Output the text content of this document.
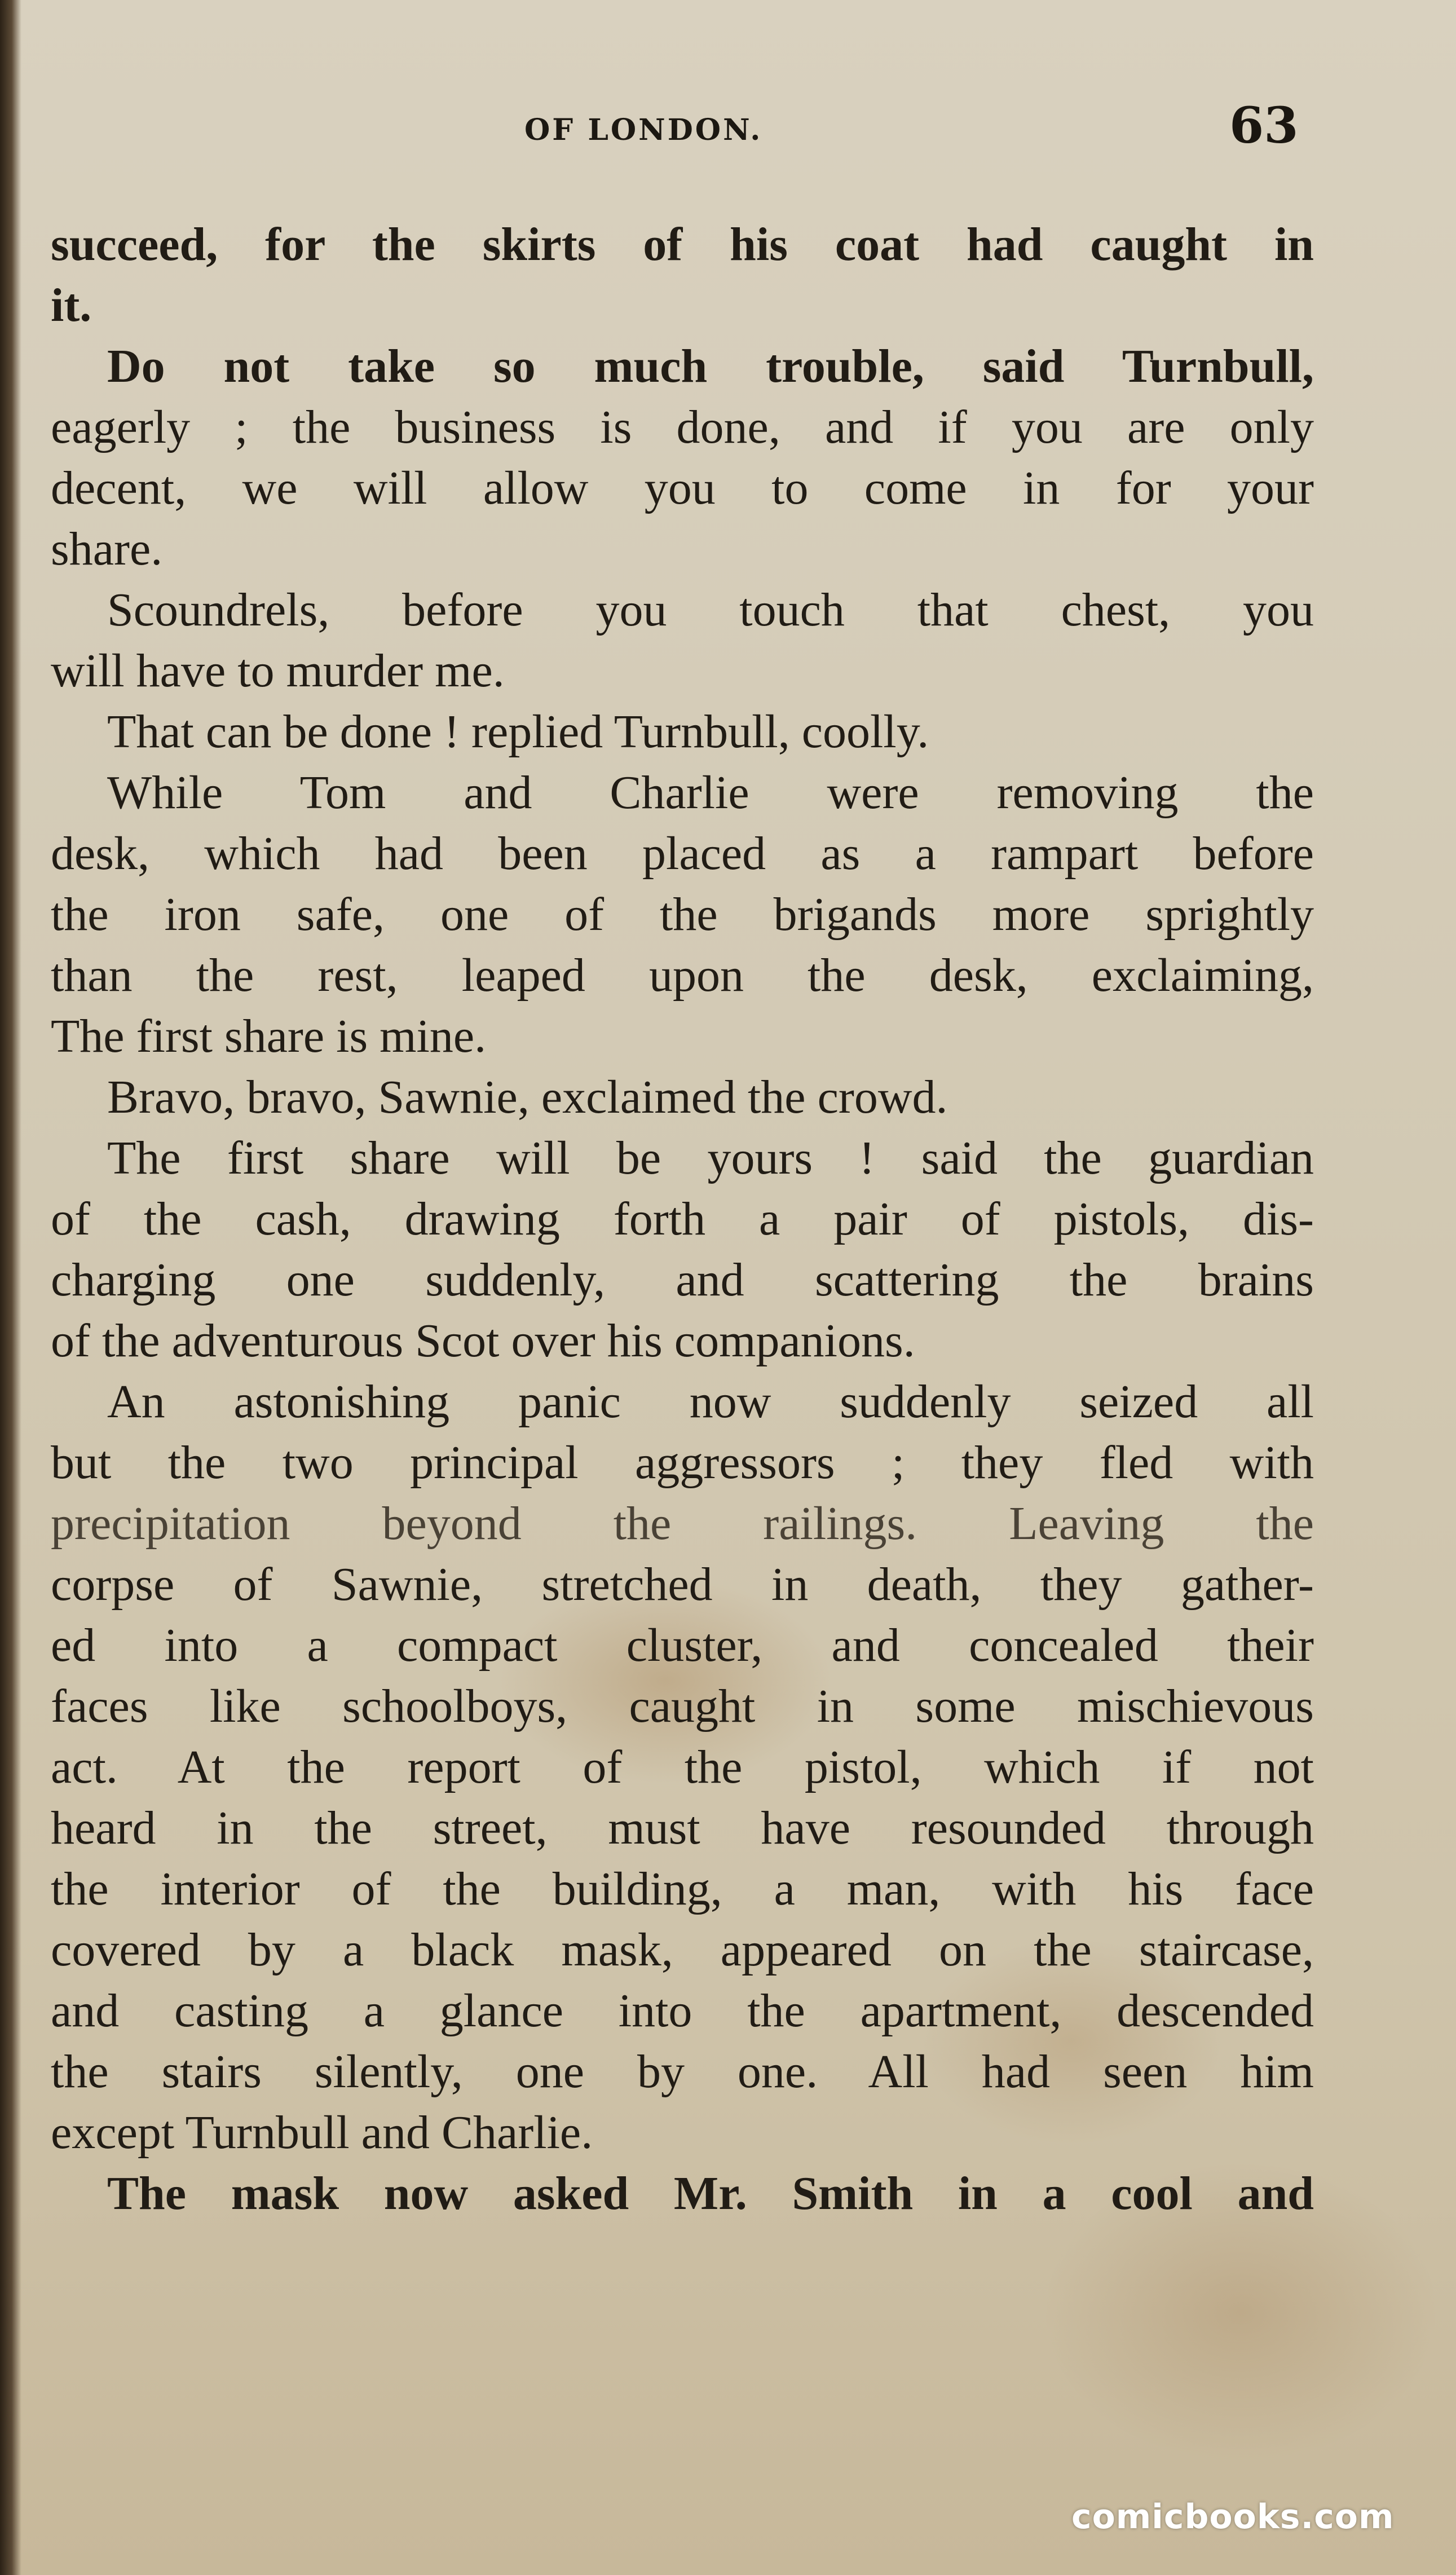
OF LONDON.	63
succeed, for the skirts of his coat had caught in
it.
Do not take so much trouble, said Turnbull,
eagerly ; the business is done, and if you are only
decent, we will allow you to come in for your
share.
Scoundrels, before you touch that chest, you
will have to murder me.
That can be done ! replied Turnbull, coolly.
While Tom and Charlie were removing the
desk, which had been placed as a rampart before
the iron safe, one of the brigands more sprightly
than the rest, leaped upon the desk, exclaiming,
The first share is mine.
Bravo, bravo, Sawnie, exclaimed the crowd.
The first share will be yours ! said the guardian
of the cash, drawing forth a pair of pistols, dis-
charging one suddenly, and scattering the brains
of the adventurous Scot over his companions.
An astonishing panic now suddenly seized all
but the two principal aggressors ; they fled with
precipitation beyond the railings. Leaving the
corpse of Sawnie, stretched in death, they gather-
ed into a compact cluster, and concealed their
faces like schoolboys, caught in some mischievous
act. At the report of the pistol, which if not
heard in the street, must have resounded through
the interior of the building, a man, with his face
covered by a black mask, appeared on the staircase,
and casting a glance into the apartment, descended
the stairs silently, one by one. All had seen him
except Turnbull and Charlie.
The mask now asked Mr. Smith in a cool and
comicbooks.com
